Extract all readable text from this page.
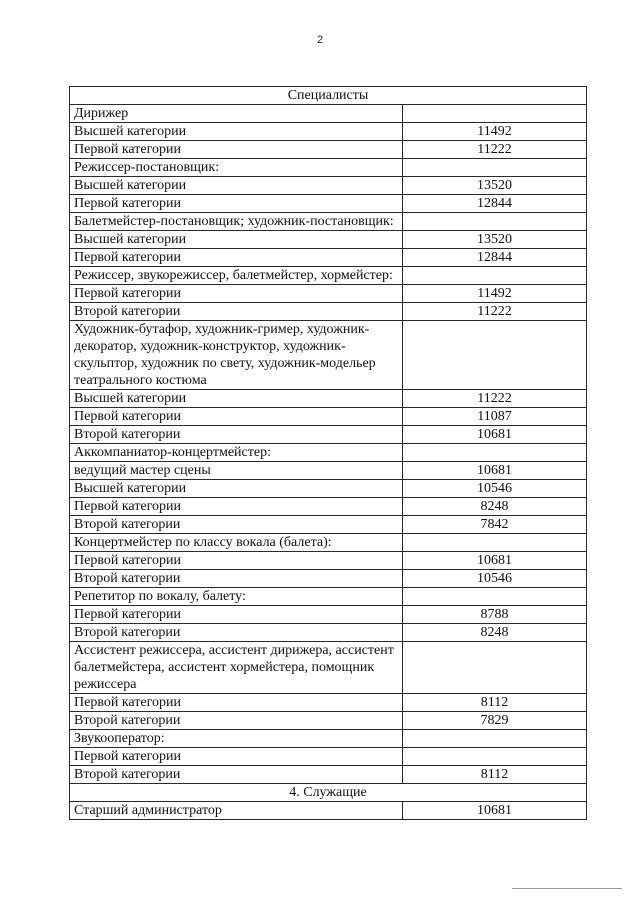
2
Специалисты	
Дирижер	
Высшей категории	11492
Первой категории	11222
Режиссер-постановщик:	
Высшей категории	13520
Первой категории	12844
Балетмейстер-постановщик; художник-постановщик:	
Высшей категории	13520
Первой категории	12844
Режиссер, звукорежиссер, балетмейстер, хормейстер:	
Первой категории	11492
Второй категории	11222
Художник-бутафор, художник-гример, художник-декоратор, художник-конструктор, художник-скульптор, художник по свету, художник-модельер театрального костюма	
Высшей категории	11222
Первой категории	11087
Второй категории	10681
Аккомпаниатор-концертмейстер:	
ведущий мастер сцены	10681
Высшей категории	10546
Первой категории	8248
Второй категории	7842
Концертмейстер по классу вокала (балета):	
Первой категории	10681
Второй категории	10546
Репетитор по вокалу, балету:	
Первой категории	8788
Второй категории	8248
Ассистент режиссера, ассистент дирижера, ассистент балетмейстера, ассистент хормейстера, помощник режиссера	
Первой категории	8112
Второй категории	7829
Звукооператор:	
Первой категории	
Второй категории	8112
4. Служащие	
Старший администратор	10681
